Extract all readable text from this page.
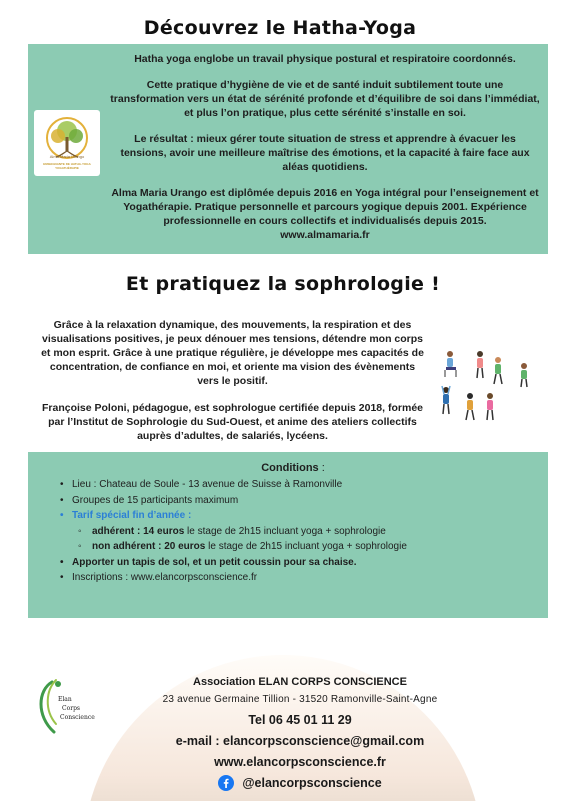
Découvrez le Hatha-Yoga
Alma Maria Urango
ENSEIGNANTE DE HATHA-YOGA YOGATHÉRAPIE

Hatha yoga englobe un travail physique postural et respiratoire coordonnés.

Cette pratique d’hygiène de vie et de santé induit subtilement toute une transformation vers un état de sérénité profonde et d’équilibre de soi dans l’immédiat, et plus l’on pratique, plus cette sérénité s’installe en soi.

Le résultat : mieux gérer toute situation de stress et apprendre à évacuer les tensions, avoir une meilleure maîtrise des émotions, et la capacité à faire face aux aléas quotidiens.

Alma Maria Urango est diplômée depuis 2016 en Yoga intégral pour l’enseignement et Yogathérapie. Pratique personnelle et parcours yogique depuis 2001. Expérience professionnelle en cours collectifs et individualisés depuis 2015.

www.almamaria.fr

Et pratiquez la sophrologie !

Grâce à la relaxation dynamique, des mouvements, la respiration et des visualisations positives, je peux dénouer mes tensions, détendre mon corps et mon esprit. Grâce à une pratique régulière, je développe mes capacités de concentration, de confiance en moi, et oriente ma vision des évènements vers le positif.

Françoise Poloni, pédagogue, est sophrologue certifiée depuis 2018, formée par l’Institut de Sophrologie du Sud-Ouest, et anime des ateliers collectifs auprès d’adultes, de salariés, lycéens.

Conditions :
• Lieu : Chateau de Soule - 13 avenue de Suisse à Ramonville
• Groupes de 15 participants maximum
• Tarif spécial fin d’année :
◦ adhérent : 14 euros le stage de 2h15 incluant yoga + sophrologie
◦ non adhérent : 20 euros le stage de 2h15 incluant yoga + sophrologie
• Apporter un tapis de sol, et un petit coussin pour sa chaise.
• Inscriptions : www.elancorpsconscience.fr
Elan
Corps
Conscience
Association ELAN CORPS CONSCIENCE
23 avenue Germaine Tillion - 31520 Ramonville-Saint-Agne
Tel 06 45 01 11 29
e-mail : elancorpsconscience@gmail.com
www.elancorpsconscience.fr
@elancorpsconscience
